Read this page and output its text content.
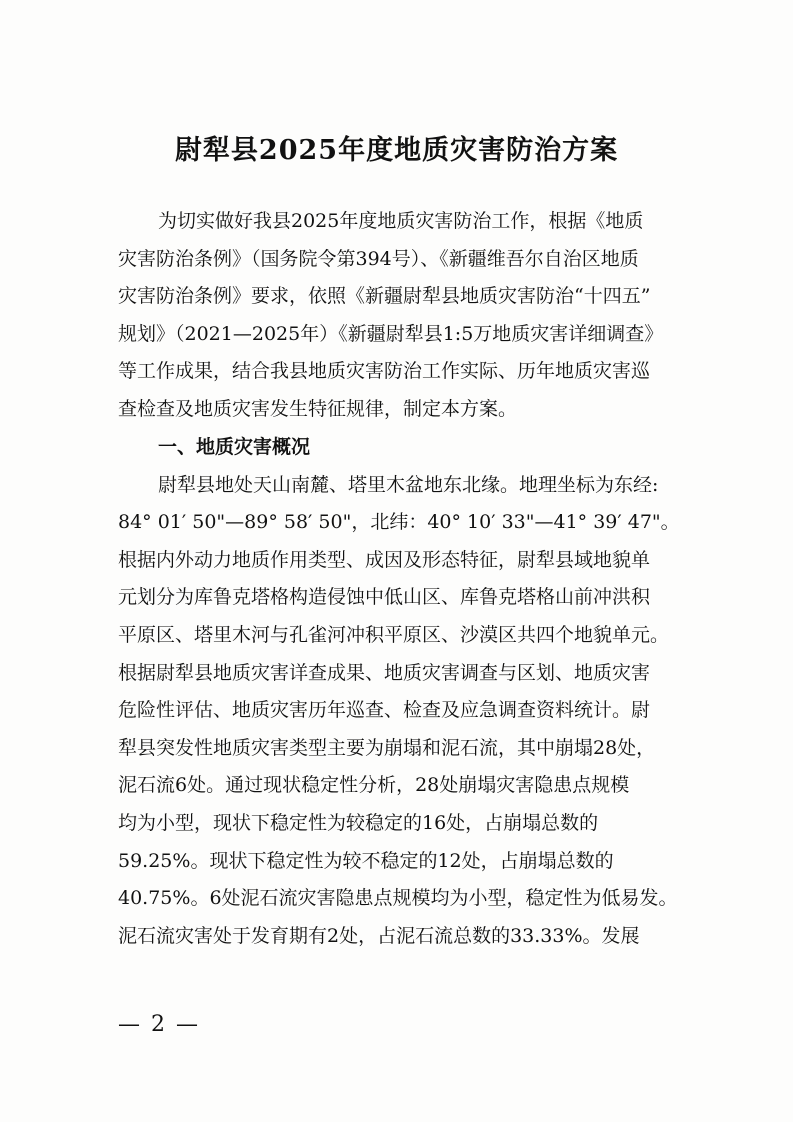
尉犁县2025年度地质灾害防治方案
为切实做好我县2025年度地质灾害防治工作，根据《地质
灾害防治条例》（国务院令第394号）、《新疆维吾尔自治区地质
灾害防治条例》要求，依照《新疆尉犁县地质灾害防治“十四五”
规划》（2021—2025年）《新疆尉犁县1:5万地质灾害详细调查》
等工作成果，结合我县地质灾害防治工作实际、历年地质灾害巡
查检查及地质灾害发生特征规律，制定本方案。
一、地质灾害概况
尉犁县地处天山南麓、塔里木盆地东北缘。地理坐标为东经:
84° 01′ 50"—89° 58′ 50"，北纬：40° 10′ 33"—41° 39′ 47"。
根据内外动力地质作用类型、成因及形态特征，尉犁县域地貌单
元划分为库鲁克塔格构造侵蚀中低山区、库鲁克塔格山前冲洪积
平原区、塔里木河与孔雀河冲积平原区、沙漠区共四个地貌单元。
根据尉犁县地质灾害详查成果、地质灾害调查与区划、地质灾害
危险性评估、地质灾害历年巡查、检查及应急调查资料统计。尉
犁县突发性地质灾害类型主要为崩塌和泥石流，其中崩塌28处，
泥石流6处。通过现状稳定性分析，28处崩塌灾害隐患点规模
均为小型，现状下稳定性为较稳定的16处，占崩塌总数的
59.25%。现状下稳定性为较不稳定的12处，占崩塌总数的
40.75%。6处泥石流灾害隐患点规模均为小型，稳定性为低易发。
泥石流灾害处于发育期有2处，占泥石流总数的33.33%。发展
— 2 —
